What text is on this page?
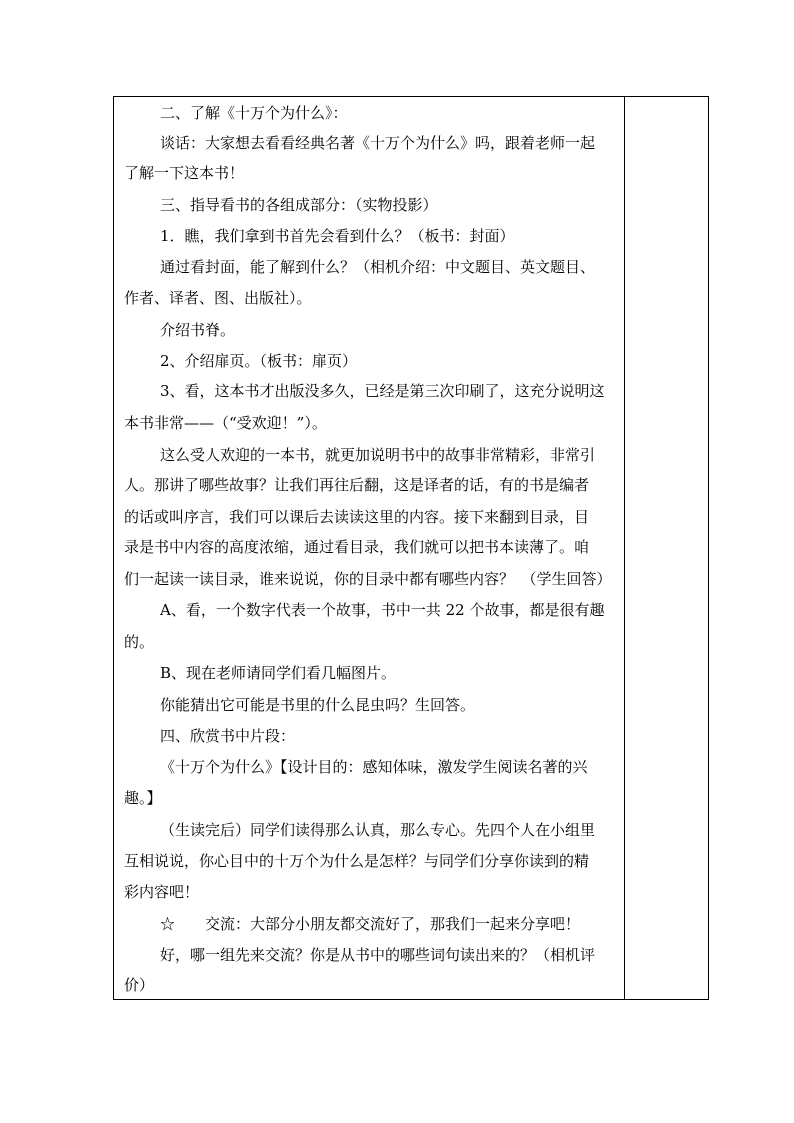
二、了解《十万个为什么》：
谈话：大家想去看看经典名著《十万个为什么》吗，跟着老师一起
了解一下这本书！
三、指导看书的各组成部分：（实物投影）
1．瞧，我们拿到书首先会看到什么？（板书：封面）
通过看封面，能了解到什么？（相机介绍：中文题目、英文题目、
作者、译者、图、出版社）。
介绍书脊。
2、介绍扉页。（板书：扉页）
3、看，这本书才出版没多久，已经是第三次印刷了，这充分说明这
本书非常——（“受欢迎！”）。
这么受人欢迎的一本书，就更加说明书中的故事非常精彩，非常引
人。那讲了哪些故事？让我们再往后翻，这是译者的话，有的书是编者
的话或叫序言，我们可以课后去读读这里的内容。接下来翻到目录，目
录是书中内容的高度浓缩，通过看目录，我们就可以把书本读薄了。咱
们一起读一读目录，谁来说说，你的目录中都有哪些内容？　（学生回答）
A、看，一个数字代表一个故事，书中一共 22 个故事，都是很有趣
的。
B、现在老师请同学们看几幅图片。
你能猜出它可能是书里的什么昆虫吗？生回答。
四、欣赏书中片段：
《十万个为什么》【设计目的：感知体味，激发学生阅读名著的兴
趣。】
（生读完后）同学们读得那么认真，那么专心。先四个人在小组里
互相说说，你心目中的十万个为什么是怎样？与同学们分享你读到的精
彩内容吧！
☆　　交流：大部分小朋友都交流好了，那我们一起来分享吧！
好，哪一组先来交流？你是从书中的哪些词句读出来的？（相机评
价）
